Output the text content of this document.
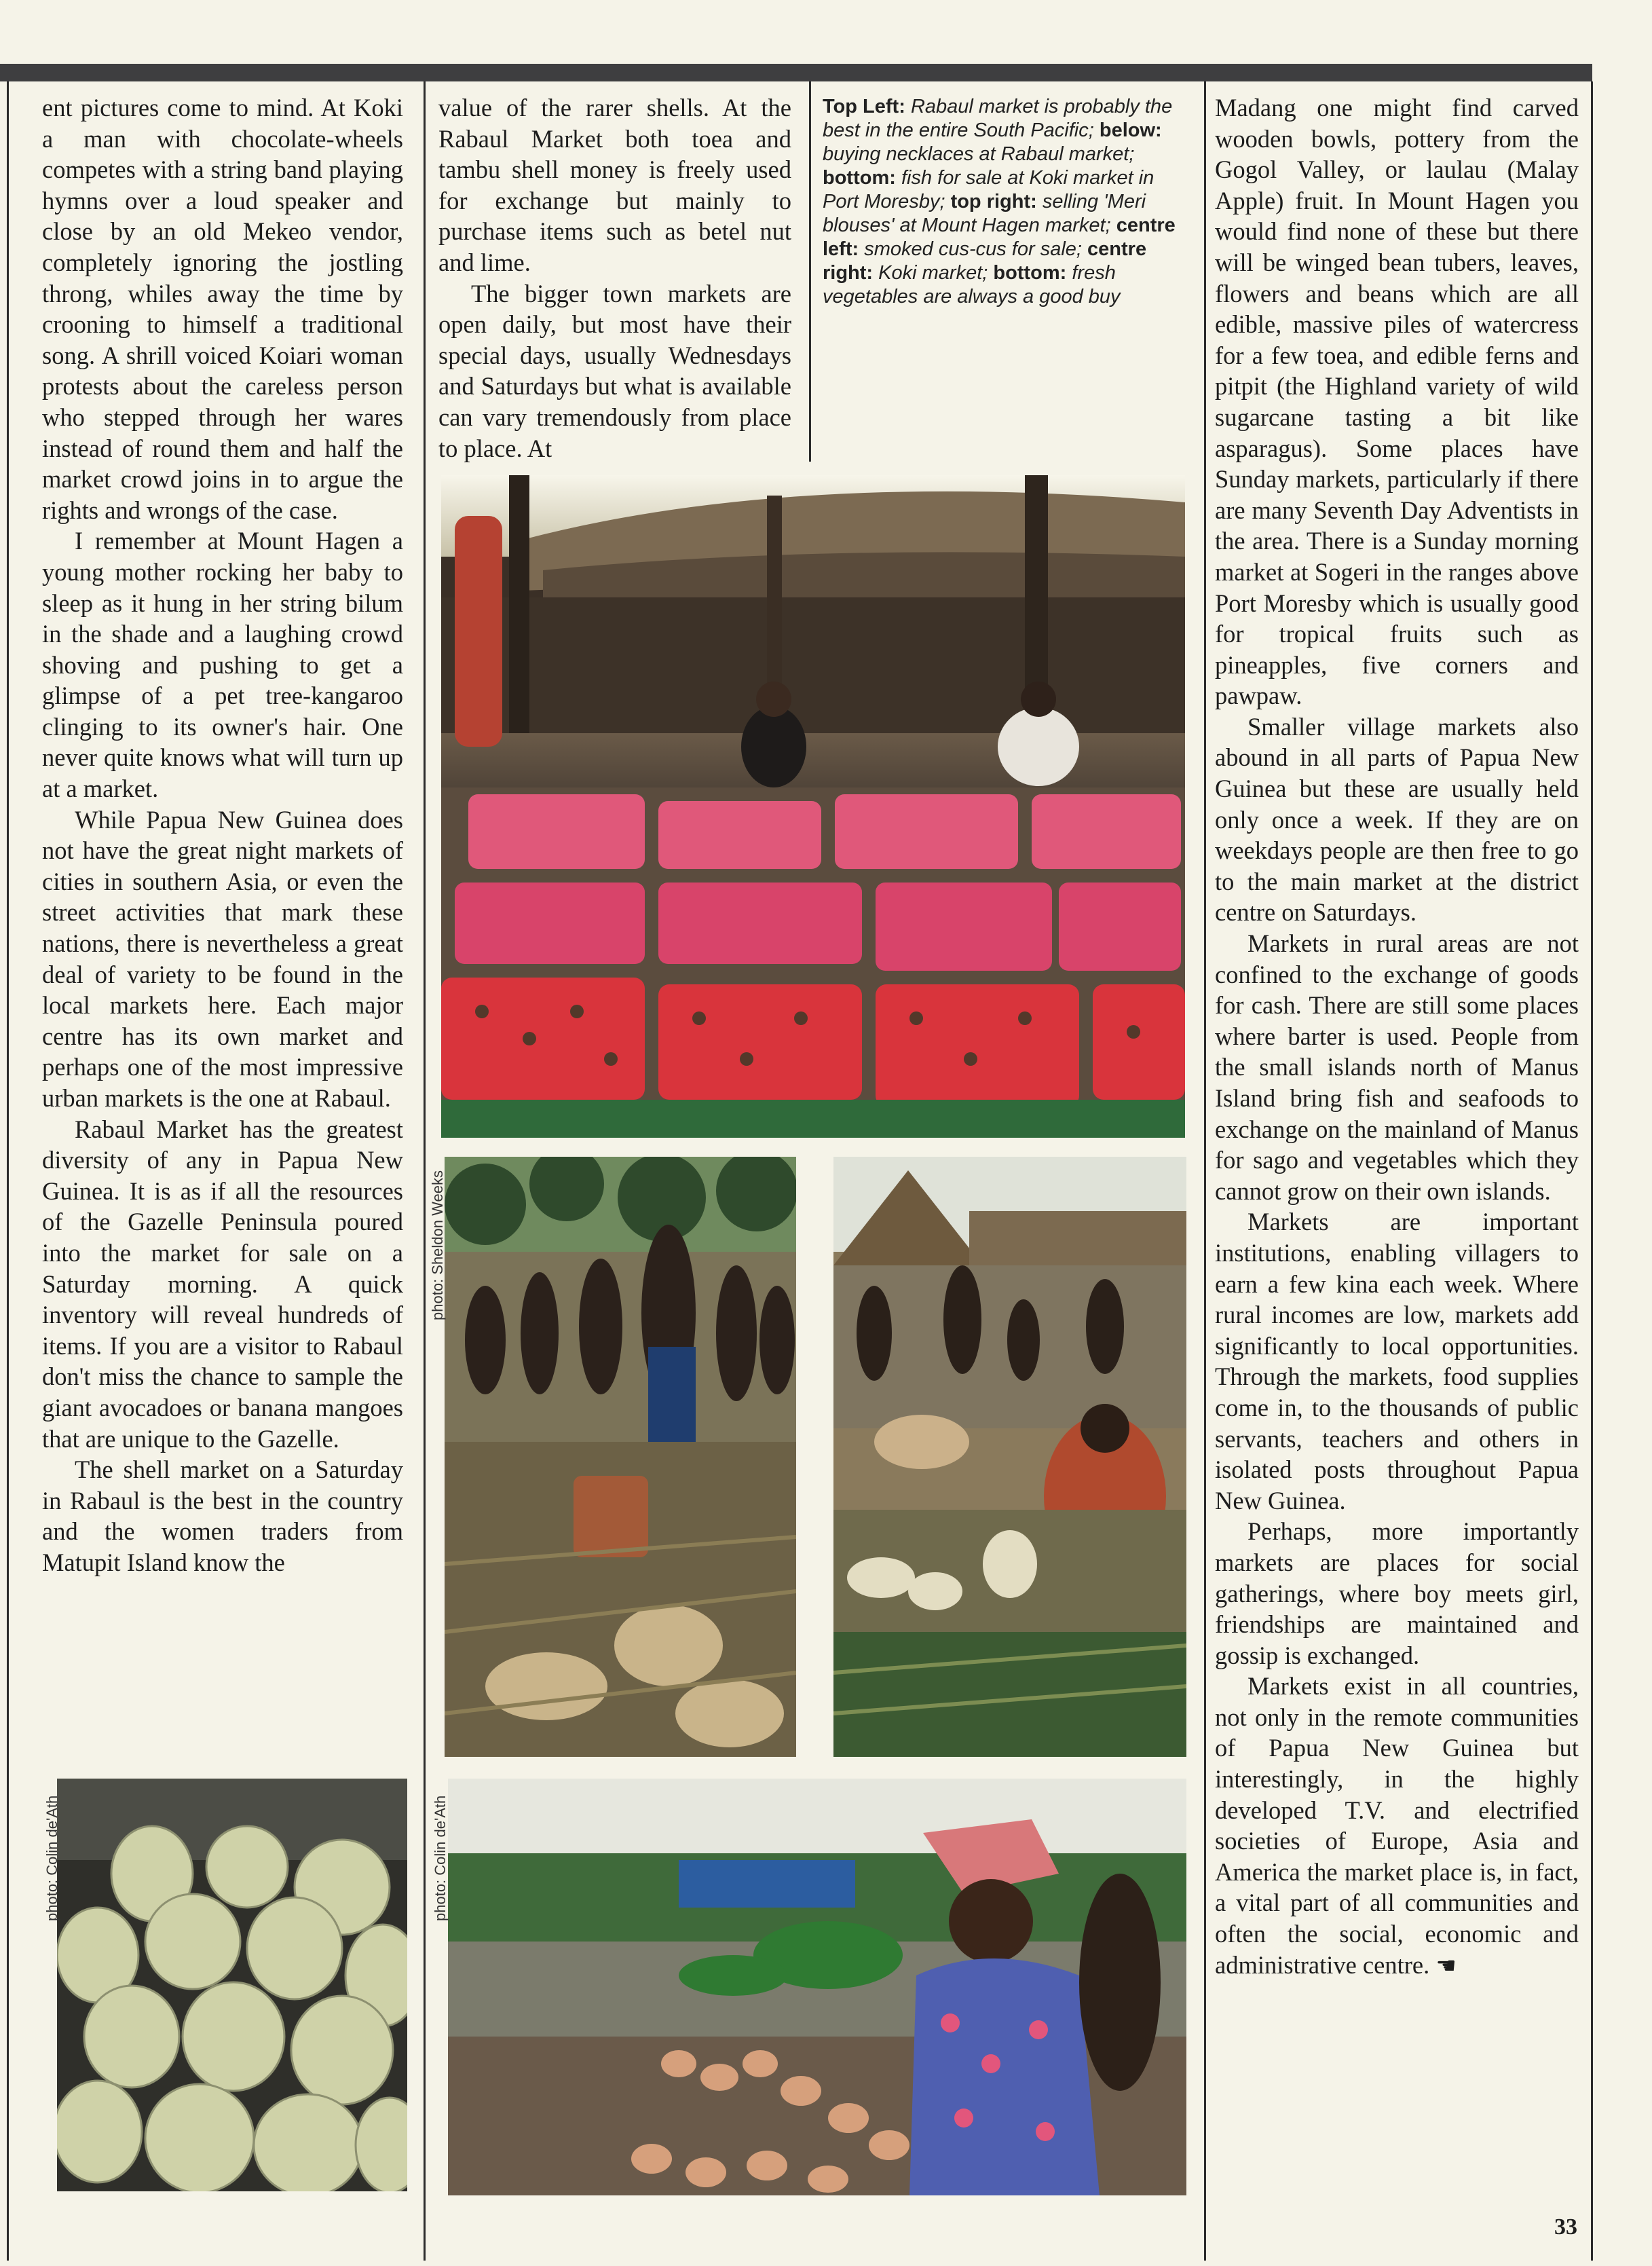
ent pictures come to mind. At Koki a man with chocolate-wheels competes with a string band playing hymns over a loud speaker and close by an old Mekeo vendor, completely ignoring the jostling throng, whiles away the time by crooning to himself a traditional song. A shrill voiced Koiari woman protests about the careless person who stepped through her wares instead of round them and half the market crowd joins in to argue the rights and wrongs of the case.

I remember at Mount Hagen a young mother rocking her baby to sleep as it hung in her string bilum in the shade and a laughing crowd shoving and pushing to get a glimpse of a pet tree-kangaroo clinging to its owner's hair. One never quite knows what will turn up at a market.

While Papua New Guinea does not have the great night markets of cities in southern Asia, or even the street activities that mark these nations, there is nevertheless a great deal of variety to be found in the local markets here. Each major centre has its own market and perhaps one of the most impressive urban markets is the one at Rabaul.

Rabaul Market has the greatest diversity of any in Papua New Guinea. It is as if all the resources of the Gazelle Peninsula poured into the market for sale on a Saturday morning. A quick inventory will reveal hundreds of items. If you are a visitor to Rabaul don't miss the chance to sample the giant avocadoes or banana mangoes that are unique to the Gazelle.

The shell market on a Saturday in Rabaul is the best in the country and the women traders from Matupit Island know the

value of the rarer shells. At the Rabaul Market both toea and tambu shell money is freely used for exchange but mainly to purchase items such as betel nut and lime.

The bigger town markets are open daily, but most have their special days, usually Wednesdays and Saturdays but what is available can vary tremendously from place to place. At

Top Left: Rabaul market is probably the best in the entire South Pacific; below: buying necklaces at Rabaul market; bottom: fish for sale at Koki market in Port Moresby; top right: selling 'Meri blouses' at Mount Hagen market; centre left: smoked cus-cus for sale; centre right: Koki market; bottom: fresh vegetables are always a good buy

Madang one might find carved wooden bowls, pottery from the Gogol Valley, or laulau (Malay Apple) fruit. In Mount Hagen you would find none of these but there will be winged bean tubers, leaves, flowers and beans which are all edible, massive piles of watercress for a few toea, and edible ferns and pitpit (the Highland variety of wild sugarcane tasting a bit like asparagus). Some places have Sunday markets, particularly if there are many Seventh Day Adventists in the area. There is a Sunday morning market at Sogeri in the ranges above Port Moresby which is usually good for tropical fruits such as pineapples, five corners and pawpaw.

Smaller village markets also abound in all parts of Papua New Guinea but these are usually held only once a week. If they are on weekdays people are then free to go to the main market at the district centre on Saturdays.

Markets in rural areas are not confined to the exchange of goods for cash. There are still some places where barter is used. People from the small islands north of Manus Island bring fish and seafoods to exchange on the mainland of Manus for sago and vegetables which they cannot grow on their own islands.

Markets are important institutions, enabling villagers to earn a few kina each week. Where rural incomes are low, markets add significantly to local opportunities. Through the markets, food supplies come in, to the thousands of public servants, teachers and others in isolated posts throughout Papua New Guinea.

Perhaps, more importantly markets are places for social gatherings, where boy meets girl, friendships are maintained and gossip is exchanged.

Markets exist in all countries, not only in the remote communities of Papua New Guinea but interestingly, in the highly developed T.V. and electrified societies of Europe, Asia and America the market place is, in fact, a vital part of all communities and often the social, economic and administrative centre. ☚

photo: Sheldon Weeks
photo: Colin de'Ath	photo: Colin de'Ath
33
